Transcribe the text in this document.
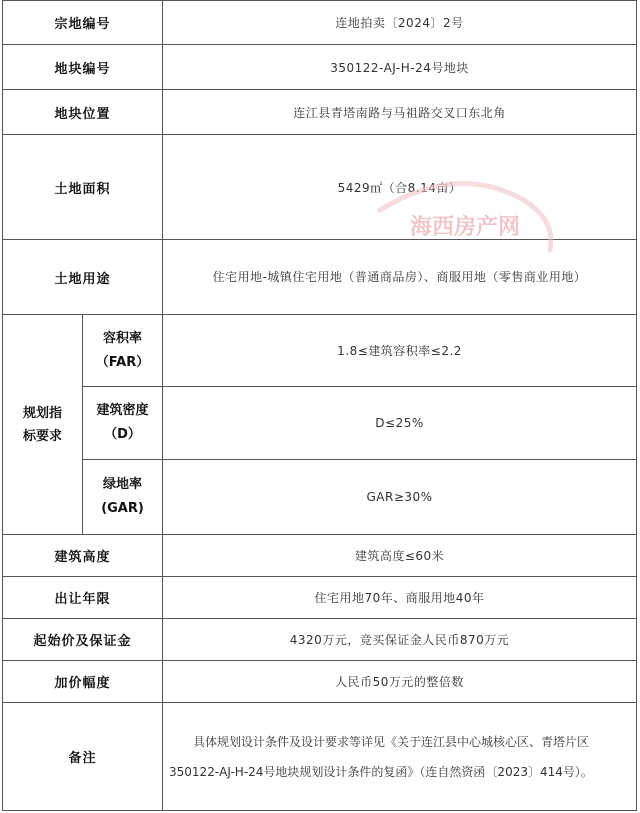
宗地编号		连地拍卖〔2024〕2号
地块编号		350122-AJ-H-24号地块
地块位置		连江县青塔南路与马祖路交叉口东北角
土地面积		5429㎡（合8.14亩）
土地用途		住宅用地-城镇住宅用地（普通商品房）、商服用地（零售商业用地）

规划指标要求	容积率（FAR）	1.8≤建筑容积率≤2.2

	建筑密度（D）	D≤25%

	绿地率(GAR)	GAR≥30%
建筑高度		建筑高度≤60米
出让年限		住宅用地70年、商服用地40年
起始价及保证金		4320万元，竞买保证金人民币870万元
加价幅度		人民币50万元的整倍数
备注		具体规划设计条件及设计要求等详见《关于连江县中心城核心区、青塔片区350122-AJ-H-24号地块规划设计条件的复函》（连自然资函〔2023〕414号）。
海西房产网
